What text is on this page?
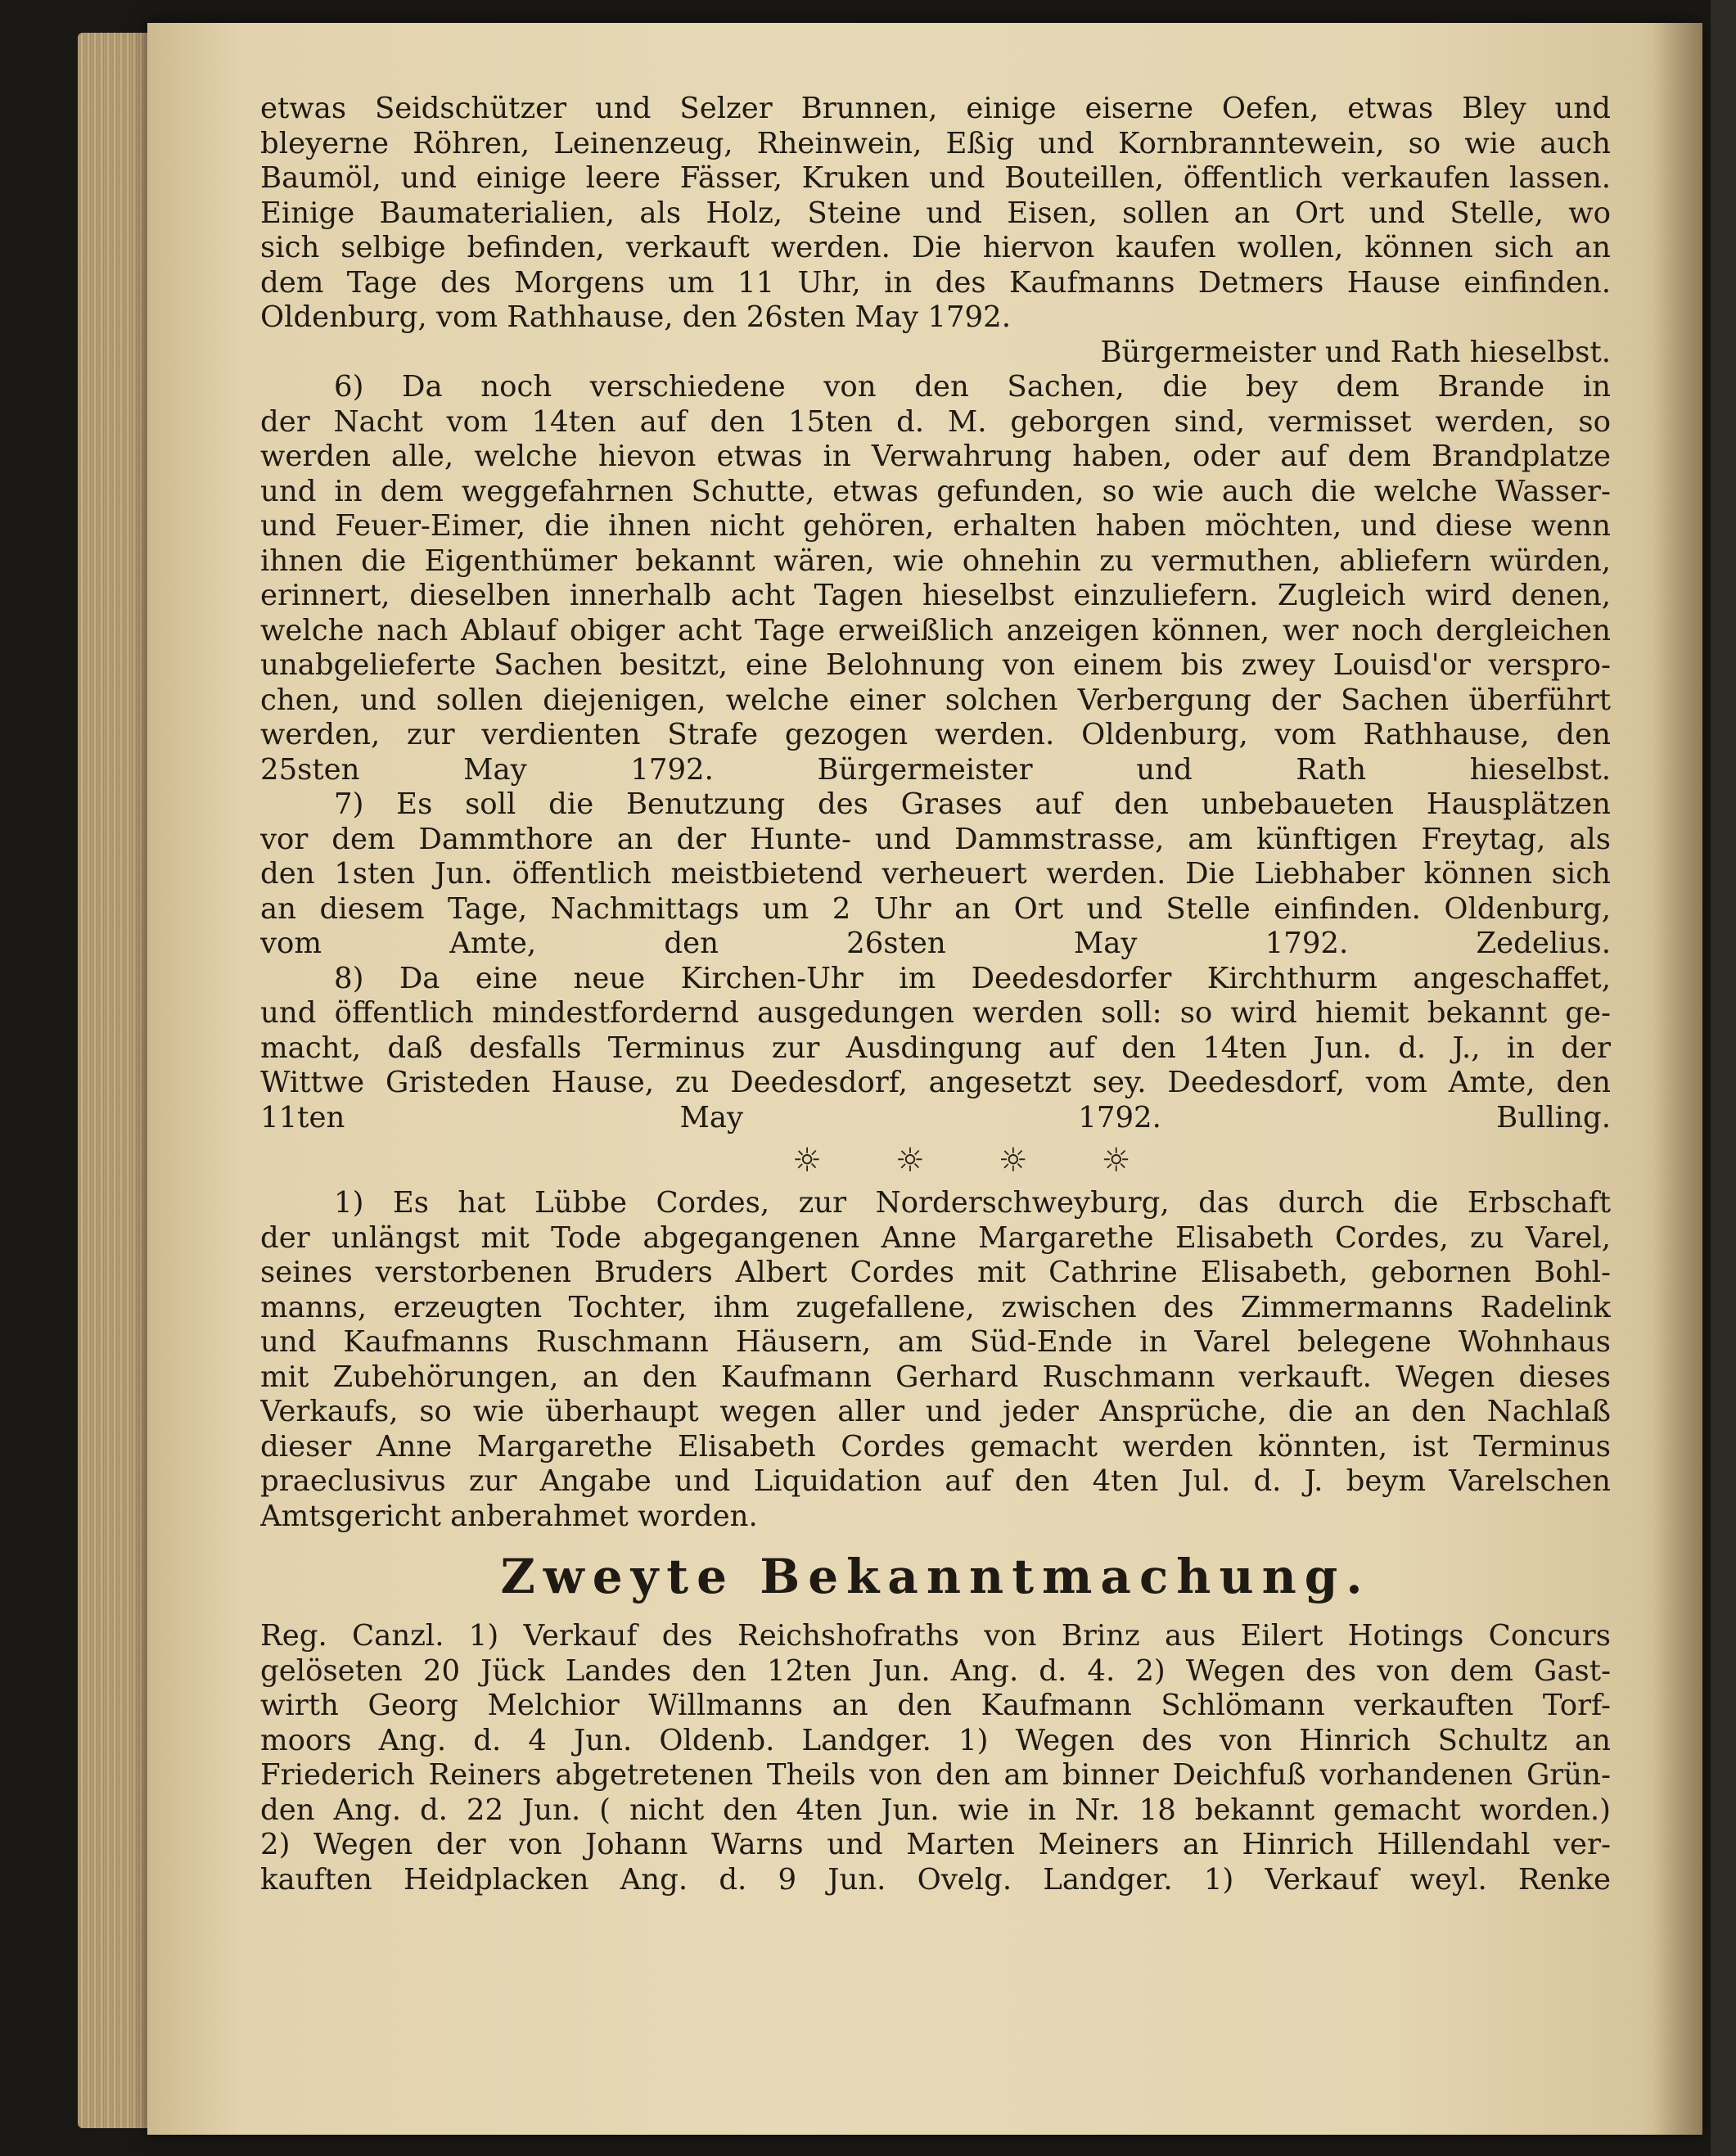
etwas Seidschützer und Selzer Brunnen, einige eiserne Oefen, etwas Bley und
bleyerne Röhren, Leinenzeug, Rheinwein, Eßig und Kornbranntewein, so wie auch
Baumöl, und einige leere Fässer, Kruken und Bouteillen, öffentlich verkaufen lassen.
Einige Baumaterialien, als Holz, Steine und Eisen, sollen an Ort und Stelle, wo
sich selbige befinden, verkauft werden. Die hiervon kaufen wollen, können sich an
dem Tage des Morgens um 11 Uhr, in des Kaufmanns Detmers Hause einfinden.
Oldenburg, vom Rathhause, den 26sten May 1792.
Bürgermeister und Rath hieselbst.
6) Da noch verschiedene von den Sachen, die bey dem Brande in
der Nacht vom 14ten auf den 15ten d. M. geborgen sind, vermisset werden, so
werden alle, welche hievon etwas in Verwahrung haben, oder auf dem Brandplatze
und in dem weggefahrnen Schutte, etwas gefunden, so wie auch die welche Wasser-
und Feuer-Eimer, die ihnen nicht gehören, erhalten haben möchten, und diese wenn
ihnen die Eigenthümer bekannt wären, wie ohnehin zu vermuthen, abliefern würden,
erinnert, dieselben innerhalb acht Tagen hieselbst einzuliefern. Zugleich wird denen,
welche nach Ablauf obiger acht Tage erweißlich anzeigen können, wer noch dergleichen
unabgelieferte Sachen besitzt, eine Belohnung von einem bis zwey Louisd'or verspro-
chen, und sollen diejenigen, welche einer solchen Verbergung der Sachen überführt
werden, zur verdienten Strafe gezogen werden. Oldenburg, vom Rathhause, den
25sten May 1792. Bürgermeister und Rath hieselbst.
7) Es soll die Benutzung des Grases auf den unbebaueten Hausplätzen
vor dem Dammthore an der Hunte- und Dammstrasse, am künftigen Freytag, als
den 1sten Jun. öffentlich meistbietend verheuert werden. Die Liebhaber können sich
an diesem Tage, Nachmittags um 2 Uhr an Ort und Stelle einfinden. Oldenburg,
vom Amte, den 26sten May 1792. Zedelius.
8) Da eine neue Kirchen-Uhr im Deedesdorfer Kirchthurm angeschaffet,
und öffentlich mindestfordernd ausgedungen werden soll: so wird hiemit bekannt ge-
macht, daß desfalls Terminus zur Ausdingung auf den 14ten Jun. d. J., in der
Wittwe Gristeden Hause, zu Deedesdorf, angesetzt sey. Deedesdorf, vom Amte, den
11ten May 1792. Bulling.
☼ ☼ ☼ ☼
1) Es hat Lübbe Cordes, zur Norderschweyburg, das durch die Erbschaft
der unlängst mit Tode abgegangenen Anne Margarethe Elisabeth Cordes, zu Varel,
seines verstorbenen Bruders Albert Cordes mit Cathrine Elisabeth, gebornen Bohl-
manns, erzeugten Tochter, ihm zugefallene, zwischen des Zimmermanns Radelink
und Kaufmanns Ruschmann Häusern, am Süd-Ende in Varel belegene Wohnhaus
mit Zubehörungen, an den Kaufmann Gerhard Ruschmann verkauft. Wegen dieses
Verkaufs, so wie überhaupt wegen aller und jeder Ansprüche, die an den Nachlaß
dieser Anne Margarethe Elisabeth Cordes gemacht werden könnten, ist Terminus
praeclusivus zur Angabe und Liquidation auf den 4ten Jul. d. J. beym Varelschen
Amtsgericht anberahmet worden.
Zweyte Bekanntmachung.
Reg. Canzl. 1) Verkauf des Reichshofraths von Brinz aus Eilert Hotings Concurs
gelöseten 20 Jück Landes den 12ten Jun. Ang. d. 4. 2) Wegen des von dem Gast-
wirth Georg Melchior Willmanns an den Kaufmann Schlömann verkauften Torf-
moors Ang. d. 4 Jun. Oldenb. Landger. 1) Wegen des von Hinrich Schultz an
Friederich Reiners abgetretenen Theils von den am binner Deichfuß vorhandenen Grün-
den Ang. d. 22 Jun. ( nicht den 4ten Jun. wie in Nr. 18 bekannt gemacht worden.)
2) Wegen der von Johann Warns und Marten Meiners an Hinrich Hillendahl ver-
kauften Heidplacken Ang. d. 9 Jun. Ovelg. Landger. 1) Verkauf weyl. Renke
